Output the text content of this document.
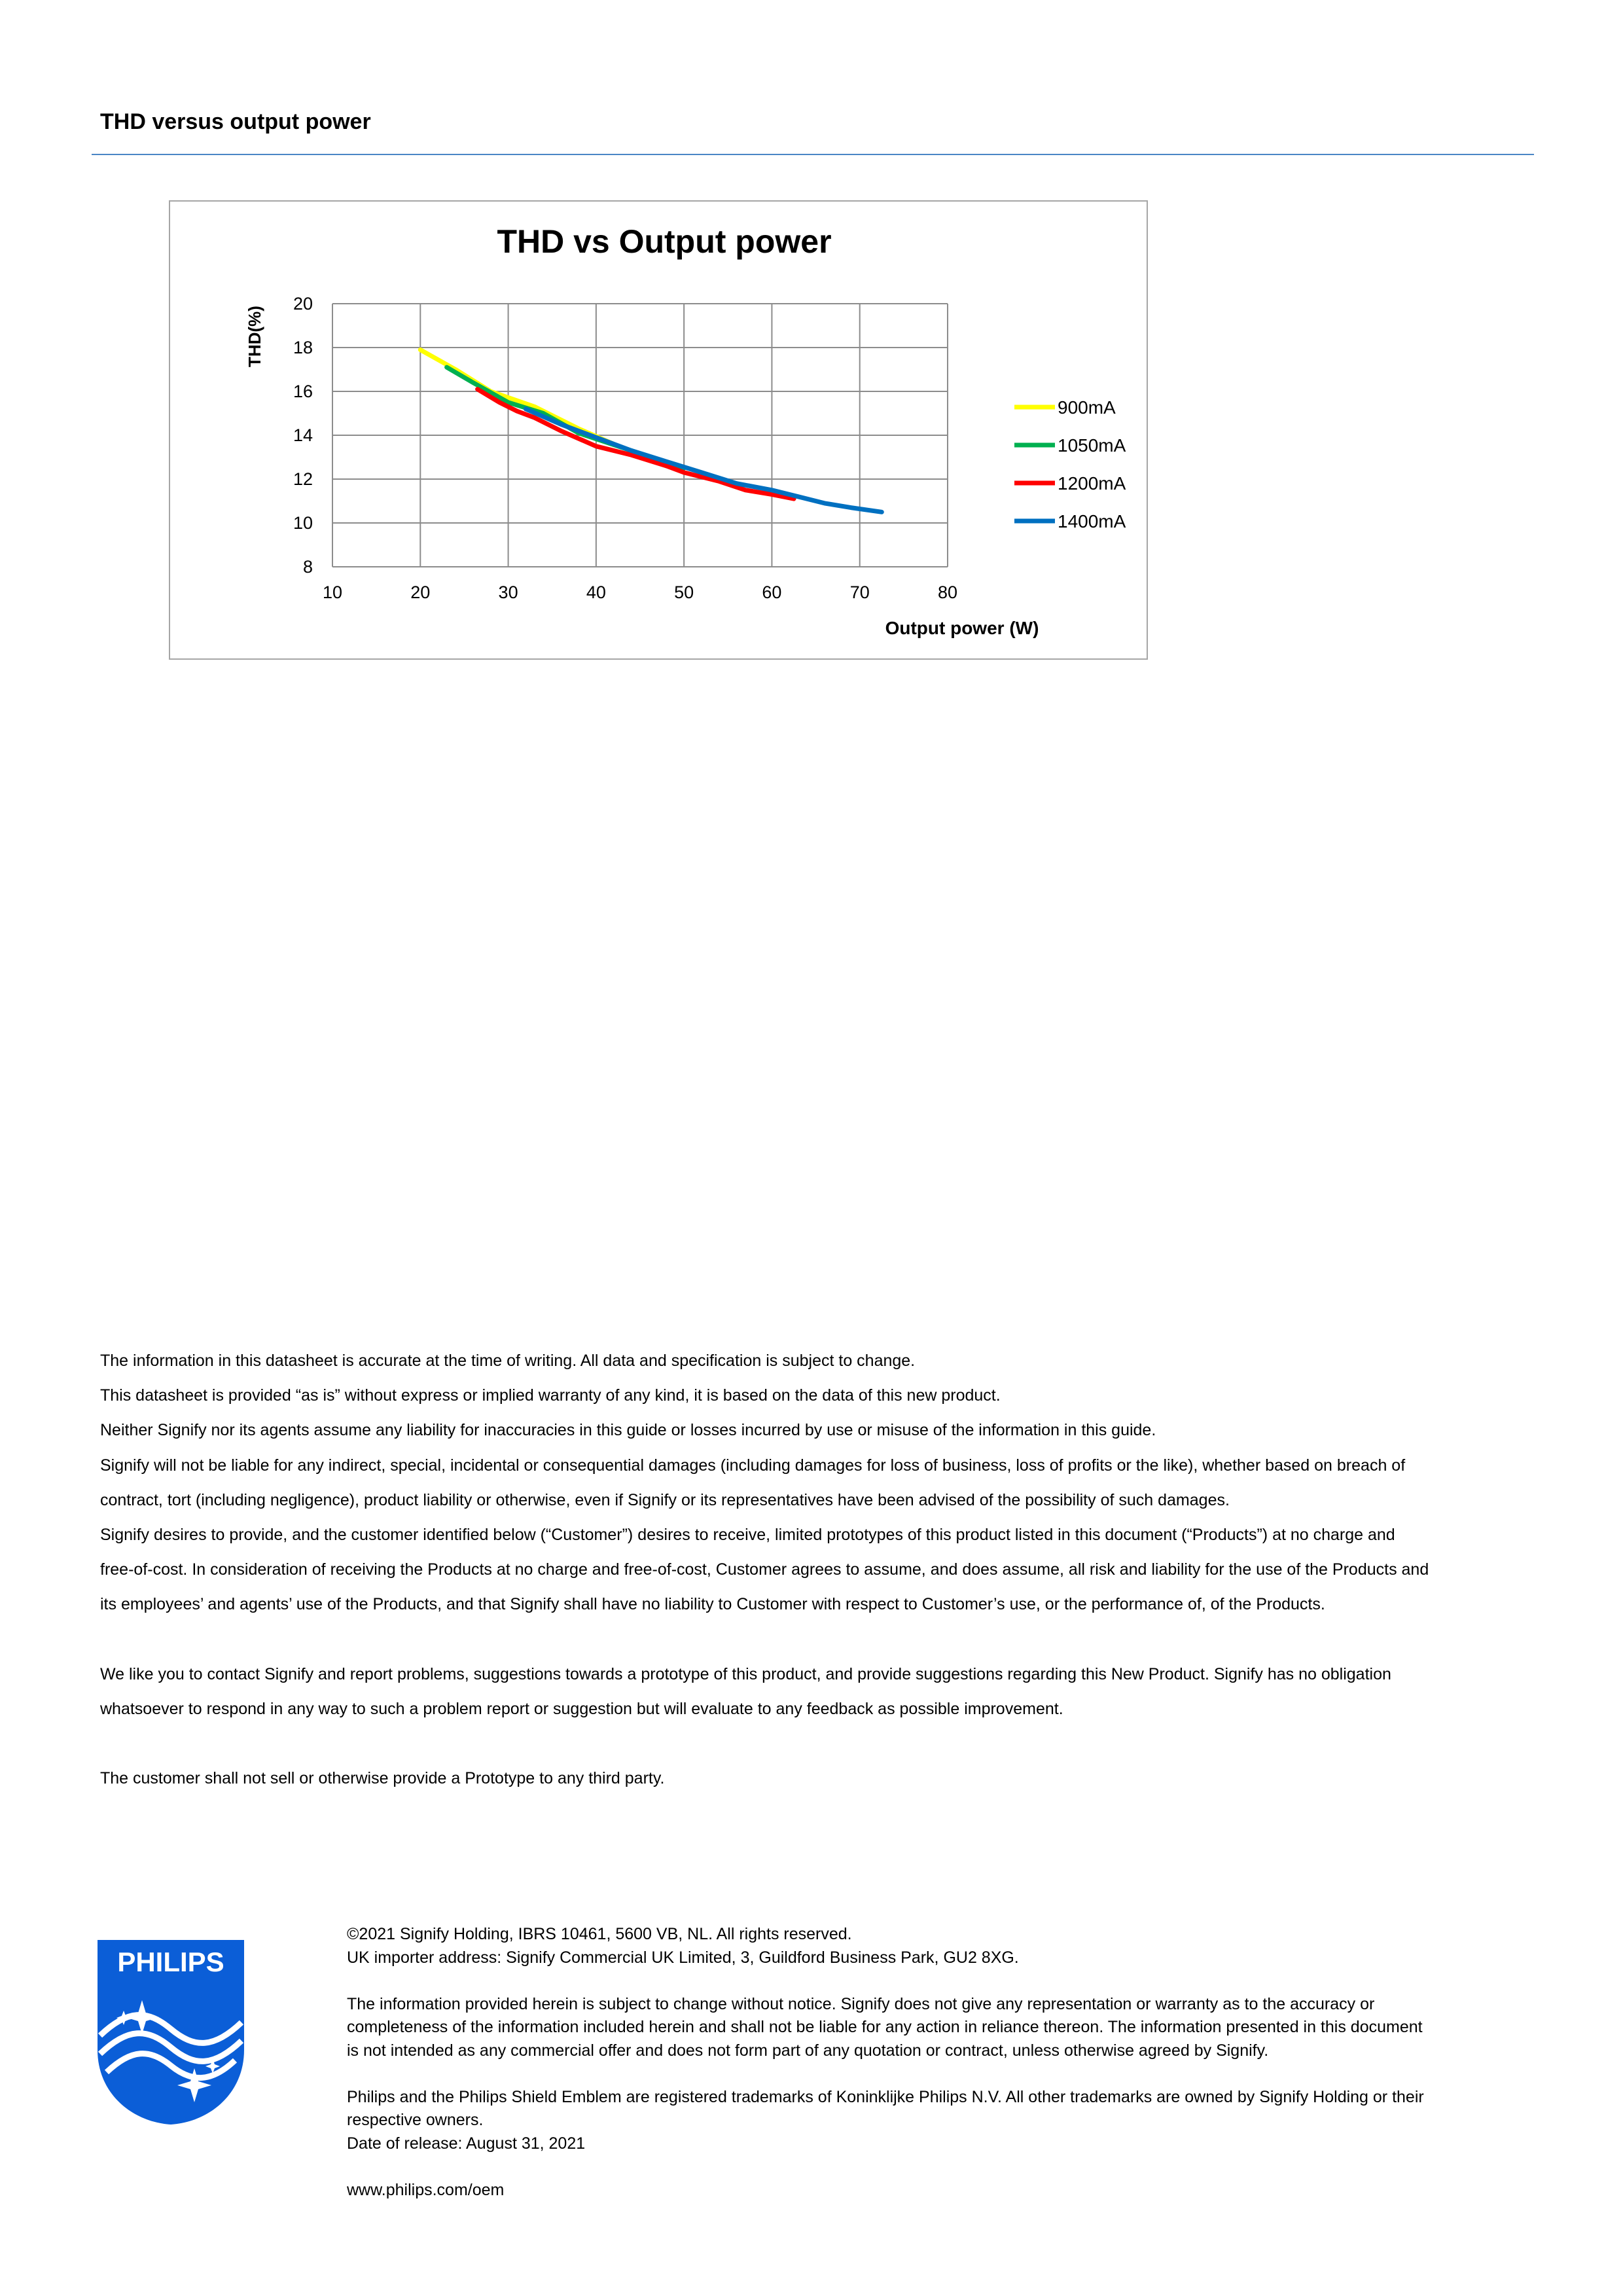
THD versus output power
THD vs Output power
10	20	30	40	50	60	70	80
8
10
12
14
16
18
20
900mA
1050mA
1200mA
1400mA
THD(%)
Output power (W)

The information in this datasheet is accurate at the time of writing. All data and specification is subject to change.

This datasheet is provided “as is” without express or implied warranty of any kind, it is based on the data of this new product.

Neither Signify nor its agents assume any liability for inaccuracies in this guide or losses incurred by use or misuse of the information in this guide.

Signify will not be liable for any indirect, special, incidental or consequential damages (including damages for loss of business, loss of profits or the like), whether based on breach of

contract, tort (including negligence), product liability or otherwise, even if Signify or its representatives have been advised of the possibility of such damages.

Signify desires to provide, and the customer identified below (“Customer”) desires to receive, limited prototypes of this product listed in this document (“Products”) at no charge and

free-of-cost. In consideration of receiving the Products at no charge and free-of-cost, Customer agrees to assume, and does assume, all risk and liability for the use of the Products and

its employees’ and agents’ use of the Products, and that Signify shall have no liability to Customer with respect to Customer’s use, or the performance of, of the Products.

We like you to contact Signify and report problems, suggestions towards a prototype of this product, and provide suggestions regarding this New Product. Signify has no obligation

whatsoever to respond in any way to such a problem report or suggestion but will evaluate to any feedback as possible improvement.

The customer shall not sell or otherwise provide a Prototype to any third party.

PHILIPS

©2021 Signify Holding, IBRS 10461, 5600 VB, NL. All rights reserved.

UK importer address: Signify Commercial UK Limited, 3, Guildford Business Park, GU2 8XG.

The information provided herein is subject to change without notice. Signify does not give any representation or warranty as to the accuracy or

completeness of the information included herein and shall not be liable for any action in reliance thereon. The information presented in this document

is not intended as any commercial offer and does not form part of any quotation or contract, unless otherwise agreed by Signify.

Philips and the Philips Shield Emblem are registered trademarks of Koninklijke Philips N.V. All other trademarks are owned by Signify Holding or their

respective owners.

Date of release: August 31, 2021

www.philips.com/oem
